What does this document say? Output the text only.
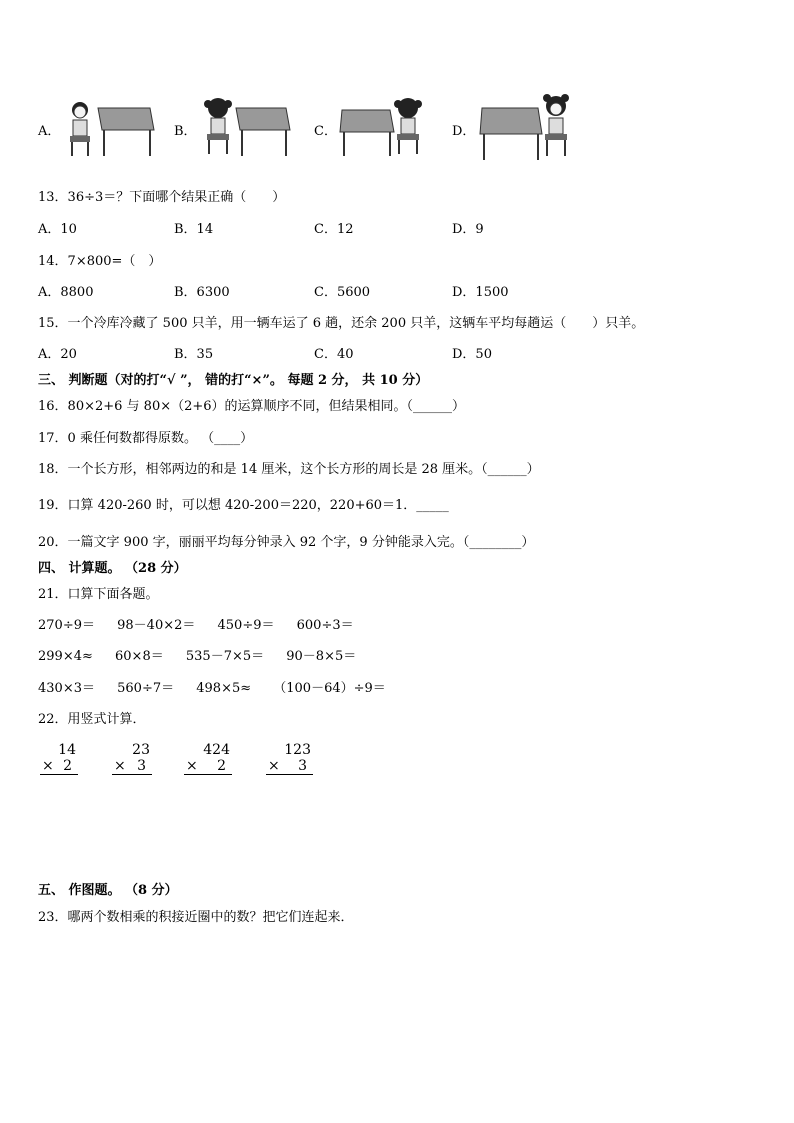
A．	B．	C．	D．
13．36÷3＝？下面哪个结果正确（　　）
A．10	B．14	C．12	D．9
14．7×800=（　）
A．8800	B．6300	C．5600	D．1500
15．一个冷库冷藏了 500 只羊，用一辆车运了 6 趟，还余 200 只羊，这辆车平均每趟运（　　）只羊。
A．20	B．35	C．40	D．50
三、 判断题（对的打“√ ”， 错的打“×”。 每题 2 分， 共 10 分）
16．80×2+6 与 80×（2+6）的运算顺序不同，但结果相同。（______）
17．0 乘任何数都得原数。 （____）
18．一个长方形，相邻两边的和是 14 厘米，这个长方形的周长是 28 厘米。（______）
19．口算 420-260 时，可以想 420-200＝220，220+60＝1．_____
20．一篇文字 900 字，丽丽平均每分钟录入 92 个字，9 分钟能录入完。（________）
四、 计算题。 （28 分）
21．口算下面各题。
270÷9＝ 98－40×2＝ 450÷9＝ 600÷3＝
299×4≈ 60×8＝ 535－7×5＝ 90－8×5＝
430×3＝ 560÷7＝ 498×5≈ （100－64）÷9＝
22．用竖式计算．
14
× 2
23
× 3
424
× 2
123
× 3
五、 作图题。 （8 分）
23．哪两个数相乘的积接近圈中的数？把它们连起来．
